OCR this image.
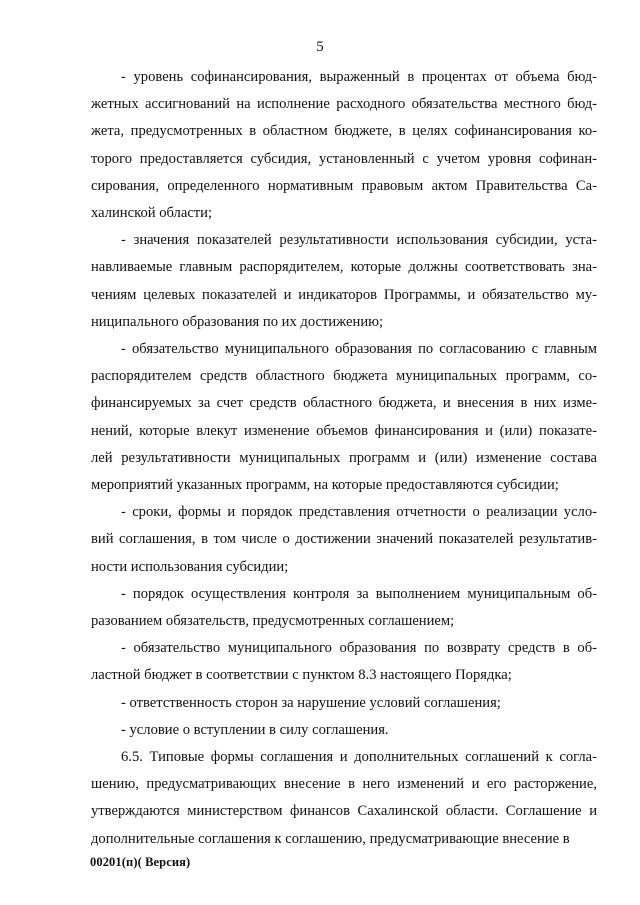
5
- уровень софинансирования, выраженный в процентах от объема бюд-
жетных ассигнований на исполнение расходного обязательства местного бюд-
жета, предусмотренных в областном бюджете, в целях софинансирования ко-
торого предоставляется субсидия, установленный с учетом уровня софинан-
сирования, определенного нормативным правовым актом Правительства Са-
халинской области;
- значения показателей результативности использования субсидии, уста-
навливаемые главным распорядителем, которые должны соответствовать зна-
чениям целевых показателей и индикаторов Программы, и обязательство му-
ниципального образования по их достижению;
- обязательство муниципального образования по согласованию с главным
распорядителем средств областного бюджета муниципальных программ, со-
финансируемых за счет средств областного бюджета, и внесения в них изме-
нений, которые влекут изменение объемов финансирования и (или) показате-
лей результативности муниципальных программ и (или) изменение состава
мероприятий указанных программ, на которые предоставляются субсидии;
- сроки, формы и порядок представления отчетности о реализации усло-
вий соглашения, в том числе о достижении значений показателей результатив-
ности использования субсидии;
- порядок осуществления контроля за выполнением муниципальным об-
разованием обязательств, предусмотренных соглашением;
- обязательство муниципального образования по возврату средств в об-
ластной бюджет в соответствии с пунктом 8.3 настоящего Порядка;
- ответственность сторон за нарушение условий соглашения;
- условие о вступлении в силу соглашения.
6.5. Типовые формы соглашения и дополнительных соглашений к согла-
шению, предусматривающих внесение в него изменений и его расторжение,
утверждаются министерством финансов Сахалинской области. Соглашение и
дополнительные соглашения к соглашению, предусматривающие внесение в
00201(п)( Версия)
